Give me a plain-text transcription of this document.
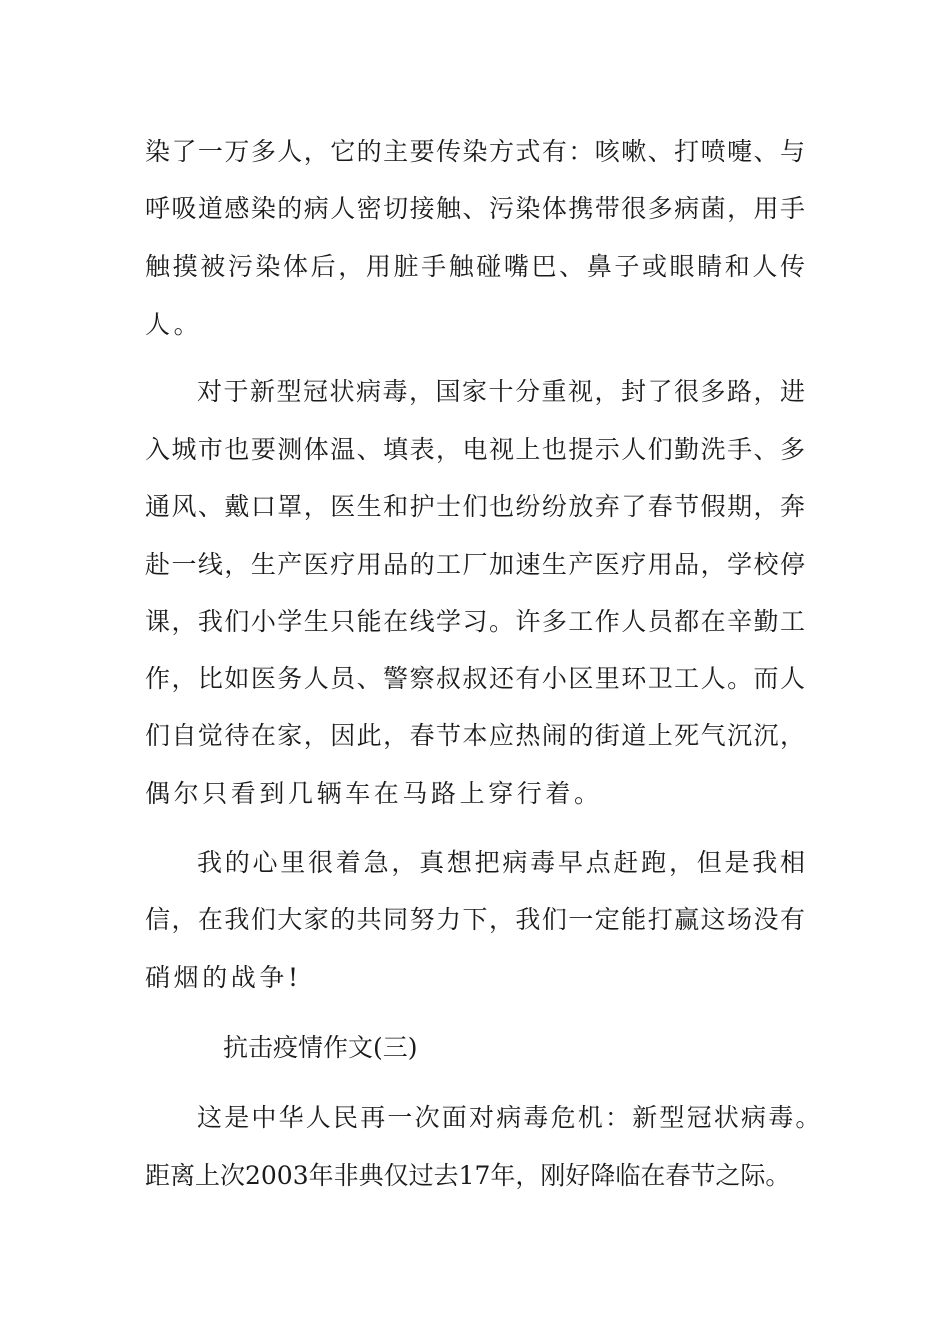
染了一万多人，它的主要传染方式有：咳嗽、打喷嚏、与
呼吸道感染的病人密切接触、污染体携带很多病菌，用手
触摸被污染体后，用脏手触碰嘴巴、鼻子或眼睛和人传
人。
对于新型冠状病毒，国家十分重视，封了很多路，进
入城市也要测体温、填表，电视上也提示人们勤洗手、多
通风、戴口罩，医生和护士们也纷纷放弃了春节假期，奔
赴一线，生产医疗用品的工厂加速生产医疗用品，学校停
课，我们小学生只能在线学习。许多工作人员都在辛勤工
作，比如医务人员、警察叔叔还有小区里环卫工人。而人
们自觉待在家，因此，春节本应热闹的街道上死气沉沉，
偶尔只看到几辆车在马路上穿行着。
我的心里很着急，真想把病毒早点赶跑，但是我相
信，在我们大家的共同努力下，我们一定能打赢这场没有
硝烟的战争!
抗击疫情作文(三)
这是中华人民再一次面对病毒危机：新型冠状病毒。
距离上次2003年非典仅过去17年，刚好降临在春节之际。
